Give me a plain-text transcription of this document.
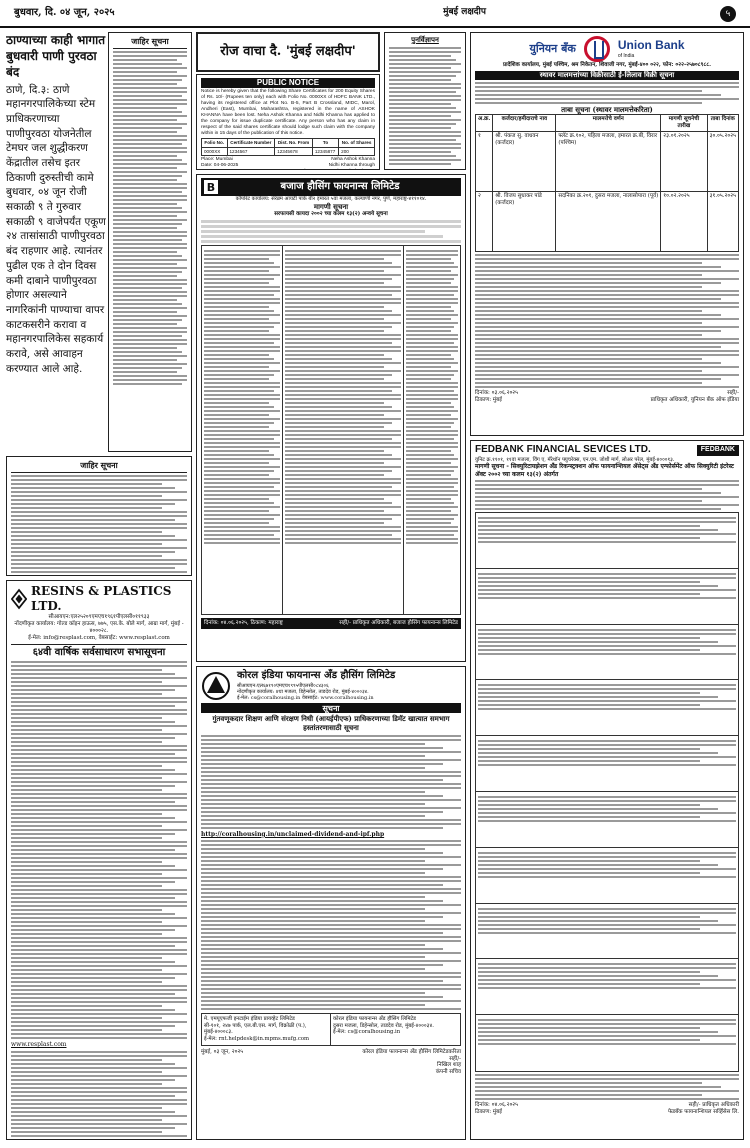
बुधवार, दि. ०४ जून, २०२५	मुंबई लक्षदीप	५
ठाण्याच्या काही भागात बुधवारी पाणी पुरवठा बंद
ठाणे, दि.३: ठाणे महानगरपालिकेच्या स्टेम प्राधिकरणाच्या पाणीपुरवठा योजनेतील टेमघर जल शुद्धीकरण केंद्रातील तसेच इतर ठिकाणी दुरुस्तीची कामे बुधवार, ०४ जून रोजी सकाळी ९ ते गुरुवार सकाळी ९ वाजेपर्यंत एकूण २४ तासांसाठी पाणीपुरवठा बंद राहणार आहे. त्यानंतर पुढील एक ते दोन दिवस कमी दाबाने पाणीपुरवठा होणार असल्याने नागरिकांनी पाण्याचा वापर काटकसरीने करावा व महानगरपालिकेस सहकार्य करावे, असे आवाहन करण्यात आले आहे.
जाहिर सूचना
जाहिर सूचना
RESINS & PLASTICS LTD.
सीआयएन:एल२५२०९एमएच१९६१पीएलसी०११९३३
नोंदणीकृत कार्यालय: गोल्ड कॉइन हाऊस, ७७५, एस.के. बोले मार्ग, आग्रा मार्ग, मुंबई - ४०००२८.
ई-मेल: info@resplast.com, वेबसाईट: www.resplast.com
६४वी वार्षिक सर्वसाधारण सभासूचना
www.resplast.com
रोज वाचा दै. 'मुंबई लक्षदीप'
PUBLIC NOTICE
Notice is hereby given that the following Share Certificates for 200 Equity Shares of Rs. 10/- (Rupees ten only) each with Folio No. 0000XX of HDFC BANK LTD., having its registered office at Plot No. B-5, Part B Crossland, MIDC, Marol, Andheri (East), Mumbai, Maharashtra, registered in the name of ASHOK KHANNA have been lost. Neha Ashok Khanna and Nidhi Khanna has applied to the company for issue duplicate certificate. Any person who has any claim in respect of the said shares certificate should lodge such claim with the company within in 15 days of the publication of this notice.
Folio No.	Certificate Number	Dist. No. From	To	No. of Shares
0000XX	1234567	12345678	12345877	200
Place: Mumbai
Date: 04-06-2025
Neha Ashok Khanna
Nidhi Khanna through

पुनर्विज्ञापन
B	बजाज हौसिंग फायनान्स लिमिटेड
कॉपोरेट कार्यालय: सेरेब्रम आयटी पार्क बी२ इमारत ५वा मजला, कल्याणी नगर, पुणे, महाराष्ट्र-४११०१४.
मागणी सूचना
सरफायसी कायदा २००२ च्या कलम १३(२) अन्वये सूचना
दिनांक: ०४.०६.२०२५, ठिकाण: महाराष्ट्र	सही/- प्राधिकृत अधिकारी, बजाज हौसिंग फायनान्स लिमिटेड
कोरल इंडिया फायनान्स अँड हौसिंग लिमिटेड
सीआयएन:एल६७१९०एमएच१९९५पीएलसी०८४३०६
नोंदणीकृत कार्यालय: ४था मजला, डिहेन्सोल, ताडदेव रोड, मुंबई-४०००३४.
ई-मेल: cs@coralhousing.in वेबसाईट: www.coralhousing.in
सूचना
गुंतवणूकदार शिक्षण आणि संरक्षण निधी (आयईपीएफ) प्राधिकरणाच्या डिमॅट खात्यात समभाग हस्तांतरणासाठी सूचना
http://coralhousing.in/unclaimed-dividend-and-ipf.php
मे. एमयूएफजी इनटाईम इंडिया प्रायव्हेट लिमिटेड
सी-१०१, २४७ पार्क, एल.बी.एस. मार्ग, विक्रोळी (प.), मुंबई-४०००८३.
ई-मेल: rnt.helpdesk@in.mpms.mufg.com
कोरल इंडिया फायनान्स अँड हौसिंग लिमिटेड
दुसरा मजला, डिहेन्सोल, ताडदेव रोड, मुंबई-४०००३४.
ई-मेल: cs@coralhousing.in
मुंबई, ०३ जून, २०२५	कोरल इंडिया फायनान्स अँड हौसिंग लिमिटेडकरिता
सही/-
निखिल शाह
कंपनी सचिव
युनियन बँक	Union Bank
of India
प्रादेशिक कार्यालय, मुंबई पश्चिम, श्रम निकेतन, शिवाजी नगर, मुंबई-४०० ०२२, फोन: ०२२-२५७०८९८८.
स्थावर मालमत्तांच्या विक्रीसाठी ई-लिलाव विक्री सूचना
ताबा सूचना (स्थावर मालमत्तेकरिता)
अ.क्र.	कर्जदार/हमीदाराचे नाव	मालमत्तेचे वर्णन	मागणी सूचनेची तारीख	ताबा दिनांक
१	श्री. पंकज सु. वाधवन (कर्जदार)	फ्लॅट क्र.१०२, पहिला मजला, इमारत क्र.बी, विरार (पश्चिम)	२३.०१.२०२५	३०.०५.२०२५
२	श्री. विजय सुधाकर पांडे (कर्जदार)	सदनिका क्र.२०१, दुसरा मजला, नालासोपारा (पूर्व)	१०.०२.२०२५	३१.०५.२०२५
दिनांक: ०३.०६.२०२५
ठिकाण: मुंबई
सही/-
प्राधिकृत अधिकारी, युनियन बँक ऑफ इंडिया
FEDBANK FINANCIAL SEVICES LTD.	FEDBANK
युनिट क्र.११०१, ११वा मजला, विंग ए, मॅरेथॉन फ्युचरेक्स, एन.एम. जोशी मार्ग, लोअर परेल, मुंबई-४०००१३.
मागणी सूचना - सिक्युरिटायझेशन अँड रिकन्स्ट्रक्शन ऑफ फायनान्शियल ॲसेट्स अँड एन्फोर्समेंट ऑफ सिक्युरिटी इंटरेस्ट ॲक्ट २००२ च्या कलम १३(२) अंतर्गत
दिनांक: ०४.०६.२०२५
ठिकाण: मुंबई
सही/- प्राधिकृत अधिकारी
फेडबँक फायनान्शियल सर्व्हिसेस लि.
